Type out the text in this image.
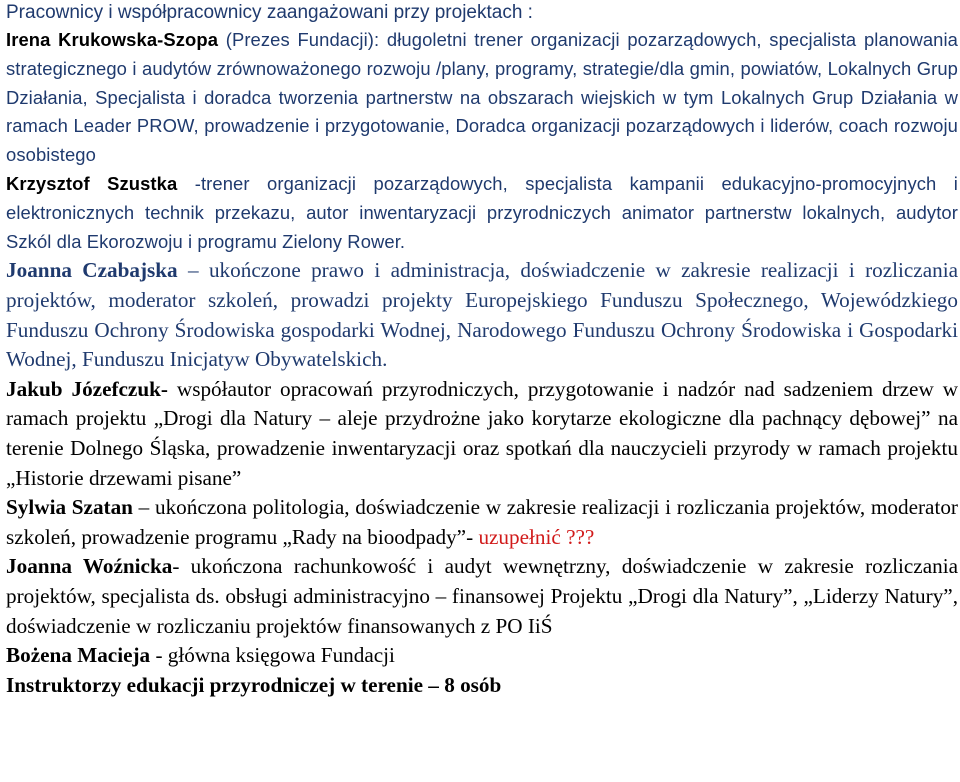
Pracownicy i współpracownicy zaangażowani przy projektach :

Irena Krukowska-Szopa (Prezes Fundacji): długoletni trener organizacji pozarządowych, specjalista planowania strategicznego i audytów zrównoważonego rozwoju /plany, programy, strategie/dla gmin, powiatów, Lokalnych Grup Działania, Specjalista i doradca tworzenia partnerstw na obszarach wiejskich w tym Lokalnych Grup Działania w ramach Leader PROW, prowadzenie i przygotowanie, Doradca organizacji pozarządowych i liderów, coach rozwoju osobistego

Krzysztof Szustka -trener organizacji pozarządowych, specjalista kampanii edukacyjno-promocyjnych i elektronicznych technik przekazu, autor inwentaryzacji przyrodniczych animator partnerstw lokalnych, audytor Szkól dla Ekorozwoju i programu Zielony Rower.

Joanna Czabajska – ukończone prawo i administracja, doświadczenie w zakresie realizacji i rozliczania projektów, moderator szkoleń, prowadzi projekty Europejskiego Funduszu Społecznego, Wojewódzkiego Funduszu Ochrony Środowiska gospodarki Wodnej, Narodowego Funduszu Ochrony Środowiska i Gospodarki Wodnej, Funduszu Inicjatyw Obywatelskich.

Jakub Józefczuk- współautor opracowań przyrodniczych, przygotowanie i nadzór nad sadzeniem drzew w ramach projektu „Drogi dla Natury – aleje przydrożne jako korytarze ekologiczne dla pachnący dębowej” na terenie Dolnego Śląska, prowadzenie inwentaryzacji oraz spotkań dla nauczycieli przyrody w ramach projektu „Historie drzewami pisane”

Sylwia Szatan – ukończona politologia, doświadczenie w zakresie realizacji i rozliczania projektów, moderator szkoleń, prowadzenie programu „Rady na bioodpady”- uzupełnić ???

Joanna Woźnicka- ukończona rachunkowość i audyt wewnętrzny, doświadczenie w zakresie rozliczania projektów, specjalista ds. obsługi administracyjno – finansowej Projektu „Drogi dla Natury”, „Liderzy Natury”, doświadczenie w rozliczaniu projektów finansowanych z PO IiŚ

Bożena Macieja - główna księgowa Fundacji

Instruktorzy edukacji przyrodniczej w terenie – 8 osób
